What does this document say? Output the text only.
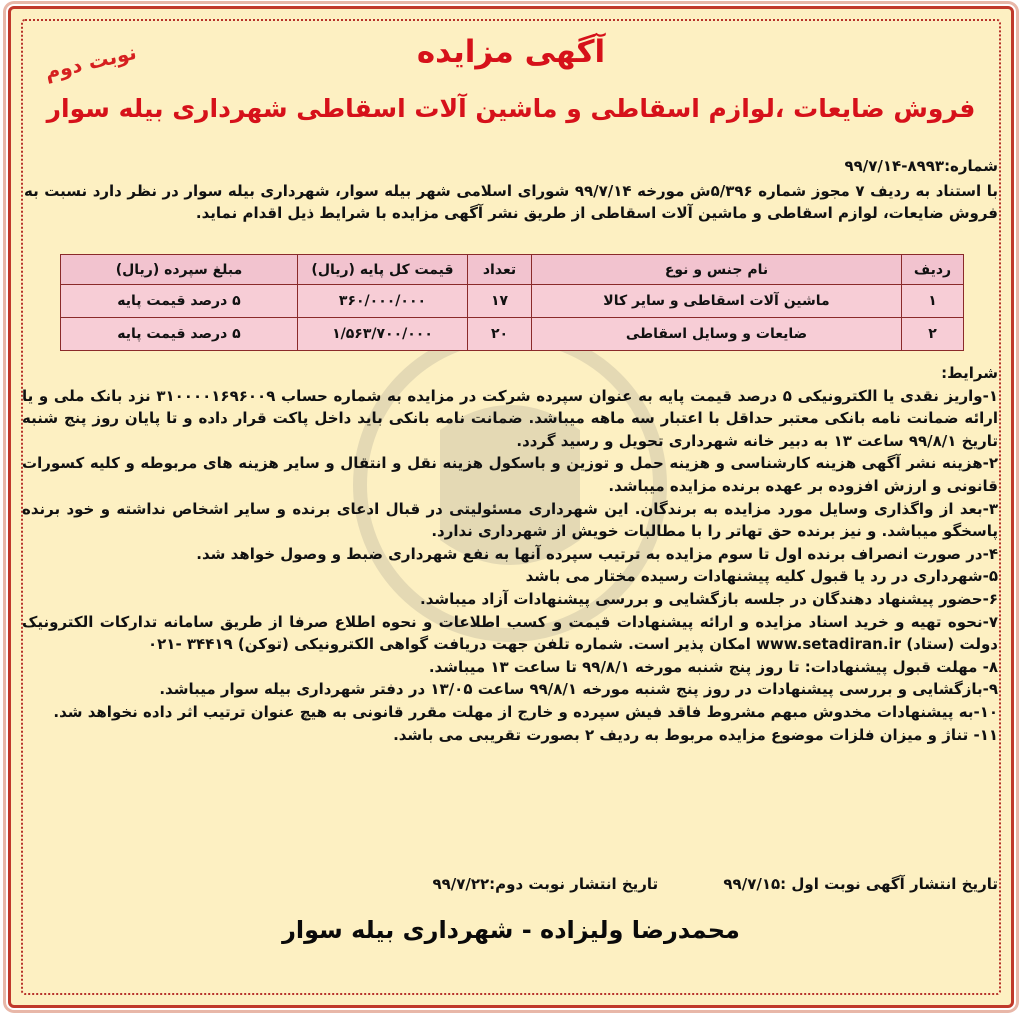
نوبت دوم	آگهی مزایده
فروش ضایعات ،لوازم اسقاطی و ماشین آلات اسقاطی شهرداری بیله سوار
شماره:۸۹۹۳-۹۹/۷/۱۴
با استناد به ردیف ۷ مجوز شماره ۵/۳۹۶ش مورخه ۹۹/۷/۱۴ شورای اسلامی شهر بیله سوار، شهرداری بیله سوار در نظر دارد نسبت به فروش ضایعات، لوازم اسقاطی و ماشین آلات اسقاطی از طریق نشر آگهی مزایده با شرایط ذیل اقدام نماید.
ردیف	نام جنس و نوع	تعداد	قیمت کل پایه (ریال)	مبلغ سپرده (ریال)
۱	ماشین آلات اسقاطی و سایر کالا	۱۷	۳۶۰/۰۰۰/۰۰۰	۵ درصد قیمت پایه
۲	ضایعات و وسایل اسقاطی	۲۰	۱/۵۶۳/۷۰۰/۰۰۰	۵ درصد قیمت پایه
شرایط:
۱-واریز نقدی یا الکترونیکی ۵ درصد قیمت پایه به عنوان سپرده شرکت در مزایده به شماره حساب ۳۱۰۰۰۰۱۶۹۶۰۰۹ نزد بانک ملی و یا ارائه ضمانت نامه بانکی معتبر حداقل با اعتبار سه ماهه میباشد. ضمانت نامه بانکی باید داخل پاکت قرار داده و تا پایان روز پنج شنبه تاریخ ۹۹/۸/۱ ساعت ۱۳ به دبیر خانه شهرداری تحویل و رسید گردد.
۲-هزینه نشر آگهی هزینه کارشناسی و هزینه حمل و توزین و باسکول هزینه نقل و انتقال و سایر هزینه های مربوطه و کلیه کسورات قانونی و ارزش افزوده بر عهده برنده مزایده میباشد.
۳-بعد از واگذاری وسایل مورد مزایده به برندگان. این شهرداری مسئولیتی در قبال ادعای برنده و سایر اشخاص نداشته و خود برنده پاسخگو میباشد. و نیز برنده حق تهاتر را با مطالبات خویش از شهرداری ندارد.
۴-در صورت انصراف برنده اول تا سوم مزایده به ترتیب سپرده آنها به نفع شهرداری ضبط و وصول خواهد شد.
۵-شهرداری در رد یا قبول کلیه پیشنهادات رسیده مختار می باشد
۶-حضور پیشنهاد دهندگان در جلسه بازگشایی و بررسی پیشنهادات آزاد میباشد.
۷-نحوه تهیه و خرید اسناد مزایده و ارائه پیشنهادات قیمت و کسب اطلاعات و نحوه اطلاع صرفا از طریق سامانه تدارکات الکترونیک دولت (ستاد) www.setadiran.ir امکان پذیر است. شماره تلفن جهت دریافت گواهی الکترونیکی (توکن) ۳۴۴۱۹ -۰۲۱
۸- مهلت قبول پیشنهادات: تا روز پنج شنبه مورخه ۹۹/۸/۱ تا ساعت ۱۳ میباشد.
۹-بازگشایی و بررسی پیشنهادات در روز پنج شنبه مورخه ۹۹/۸/۱ ساعت ۱۳/۰۵ در دفتر شهرداری بیله سوار میباشد.
۱۰-به پیشنهادات مخدوش مبهم مشروط فاقد فیش سپرده و خارج از مهلت مقرر قانونی به هیچ عنوان ترتیب اثر داده نخواهد شد.
۱۱- تناژ و میزان فلزات موضوع مزایده مربوط به ردیف ۲ بصورت تقریبی می باشد.
تاریخ انتشار آگهی نوبت اول :۹۹/۷/۱۵ تاریخ انتشار نوبت دوم:۹۹/۷/۲۲
محمدرضا ولیزاده - شهرداری بیله سوار
